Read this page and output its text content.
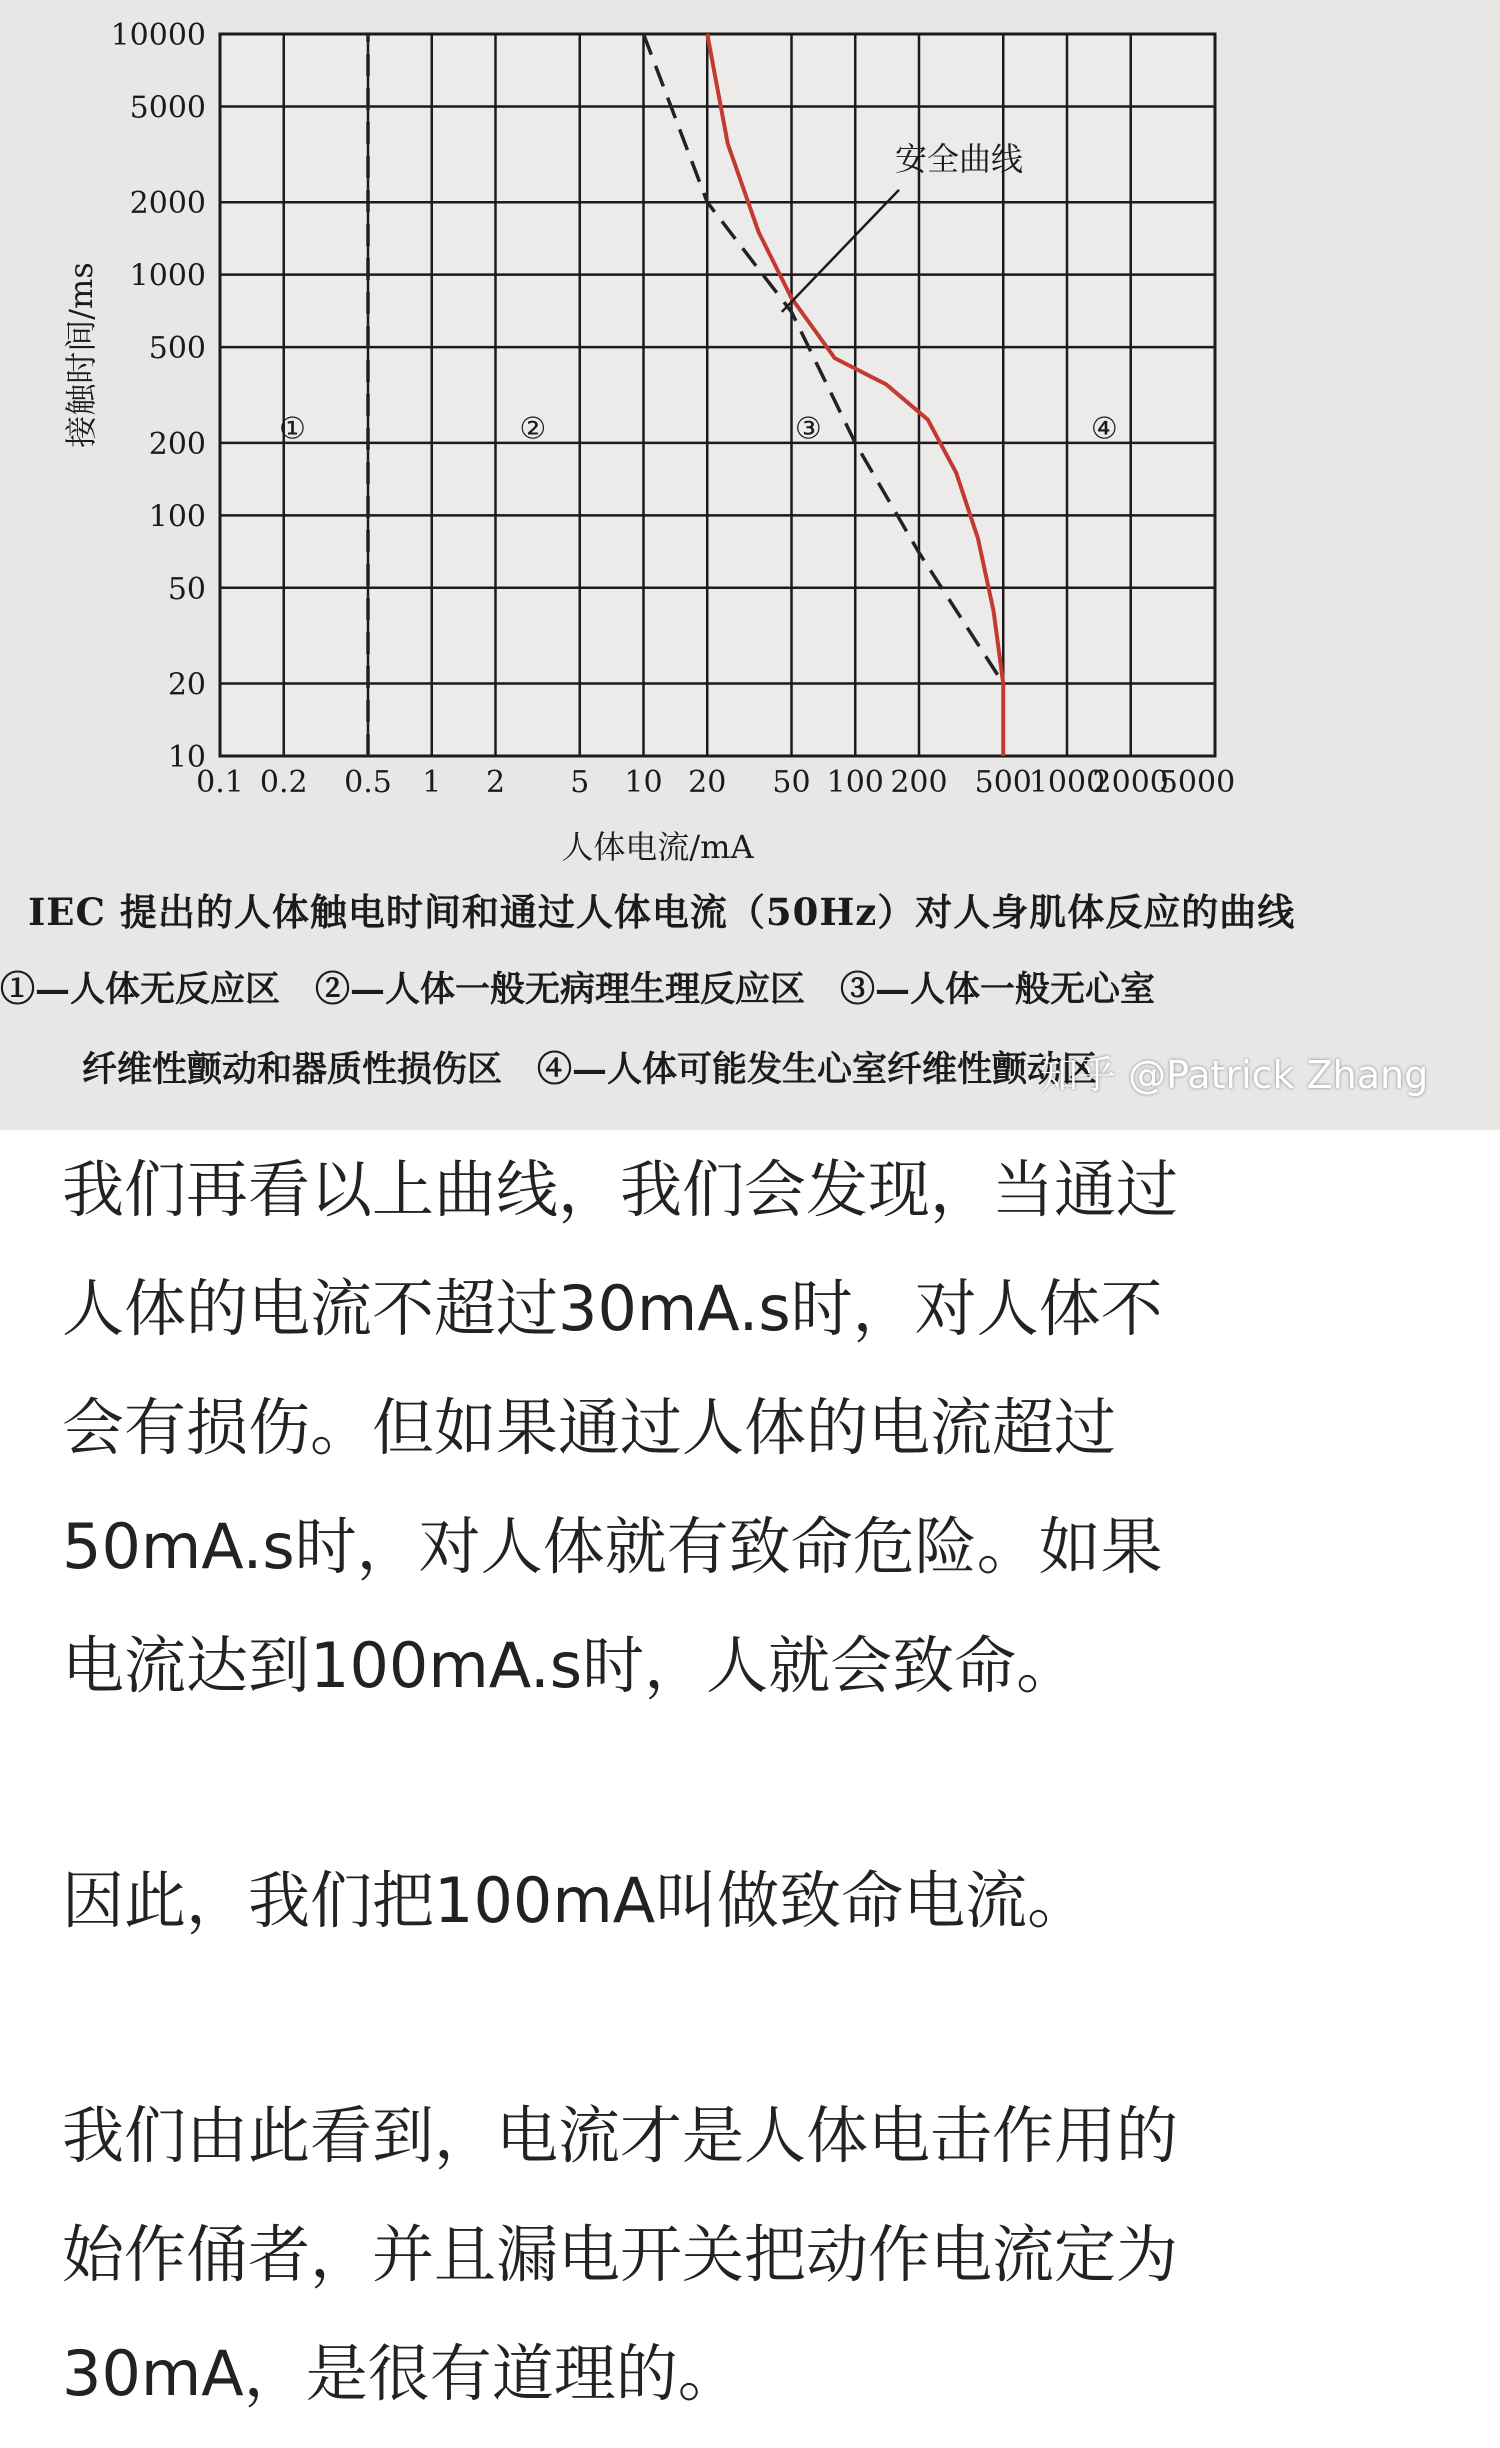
10
20
50
100
200
500
1000
2000
5000
10000
0.1 0.2 0.5 1 2 5 10 20 50 100 200 500
1000
2000
5000
人体电流/mA
接触时间/ms
安全曲线
①	②	③	④
IEC 提出的人体触电时间和通过人体电流（50Hz）对人身肌体反应的曲线
①—人体无反应区　②—人体一般无病理生理反应区　③—人体一般无心室
纤维性颤动和器质性损伤区　④—人体可能发生心室纤维性颤动区
知乎 @Patrick Zhang

我们再看以上曲线，我们会发现，当通过
人体的电流不超过30mA.s时，对人体不
会有损伤。但如果通过人体的电流超过
50mA.s时，对人体就有致命危险。如果
电流达到100mA.s时，人就会致命。

因此，我们把100mA叫做致命电流。

我们由此看到，电流才是人体电击作用的
始作俑者，并且漏电开关把动作电流定为
30mA，是很有道理的。
